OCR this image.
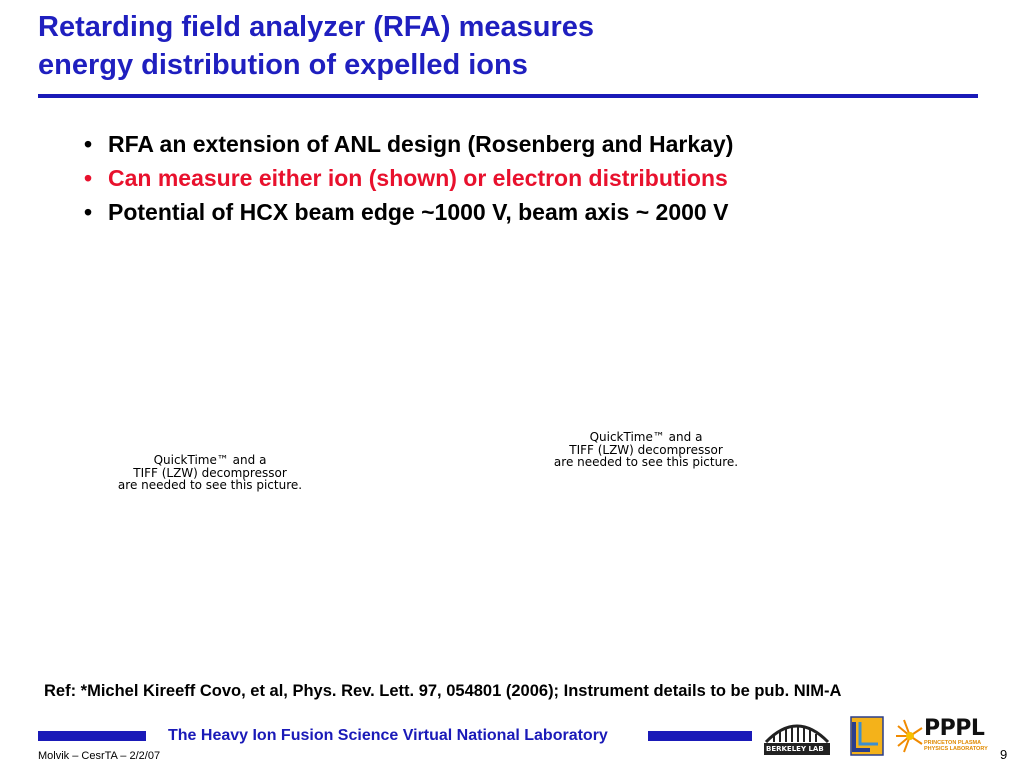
Retarding field analyzer (RFA) measures
energy distribution of expelled ions
• RFA an extension of ANL design (Rosenberg and Harkay)
• Can measure either ion (shown) or electron distributions
• Potential of HCX beam edge ~1000 V, beam axis ~ 2000 V
QuickTime™ and a
TIFF (LZW) decompressor
are needed to see this picture.
QuickTime™ and a
TIFF (LZW) decompressor
are needed to see this picture.
Ref: *Michel Kireeff Covo, et al, Phys. Rev. Lett. 97, 054801 (2006); Instrument details to be pub. NIM-A
The Heavy Ion Fusion Science Virtual National Laboratory
BERKELEY LAB
PPPL
PRINCETON PLASMA
PHYSICS LABORATORY
Molvik – CesrTA – 2/2/07	9
